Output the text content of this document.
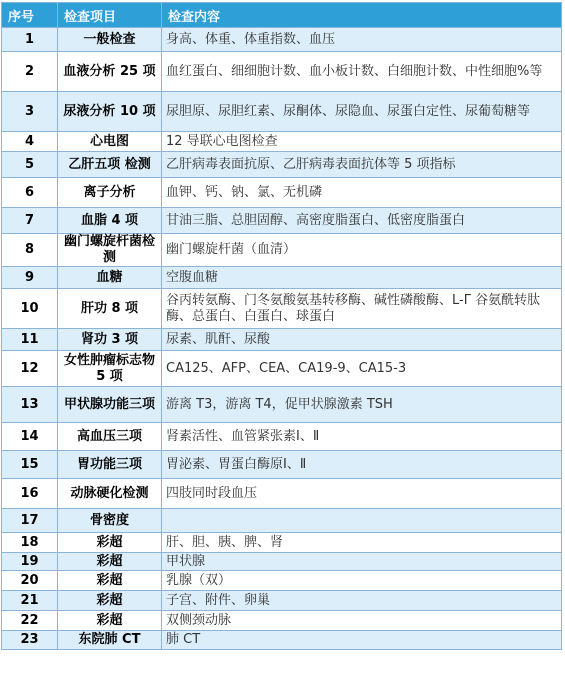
序号	检查项目	检查内容
1	一般检查	身高、体重、体重指数、血压
2	血液分析 25 项	血红蛋白、细细胞计数、血小板计数、白细胞计数、中性细胞%等
3	尿液分析 10 项	尿胆原、尿胆红素、尿酮体、尿隐血、尿蛋白定性、尿葡萄糖等
4	心电图	12 导联心电图检查
5	乙肝五项 检测	乙肝病毒表面抗原、乙肝病毒表面抗体等 5 项指标
6	离子分析	血钾、钙、钠、氯、无机磷
7	血脂 4 项	甘油三脂、总胆固醇、高密度脂蛋白、低密度脂蛋白
8	幽门螺旋杆菌检测	幽门螺旋杆菌（血清）
9	血糖	空腹血糖
10	肝功 8 项	谷丙转氨酶、门冬氨酸氨基转移酶、碱性磷酸酶、L-Γ 谷氨酰转肽酶、总蛋白、白蛋白、球蛋白
11	肾功 3 项	尿素、肌酐、尿酸
12	女性肿瘤标志物 5 项	CA125、AFP、CEA、CA19-9、CA15-3
13	甲状腺功能三项	游离 T3，游离 T4，促甲状腺激素 TSH
14	高血压三项	肾素活性、血管紧张素Ⅰ、Ⅱ
15	胃功能三项	胃泌素、胃蛋白酶原Ⅰ、Ⅱ
16	动脉硬化检测	四肢同时段血压
17	骨密度	
18	彩超	肝、胆、胰、脾、肾
19	彩超	甲状腺
20	彩超	乳腺（双）
21	彩超	子宫、附件、卵巢
22	彩超	双侧颈动脉
23	东院肺 CT	肺 CT
